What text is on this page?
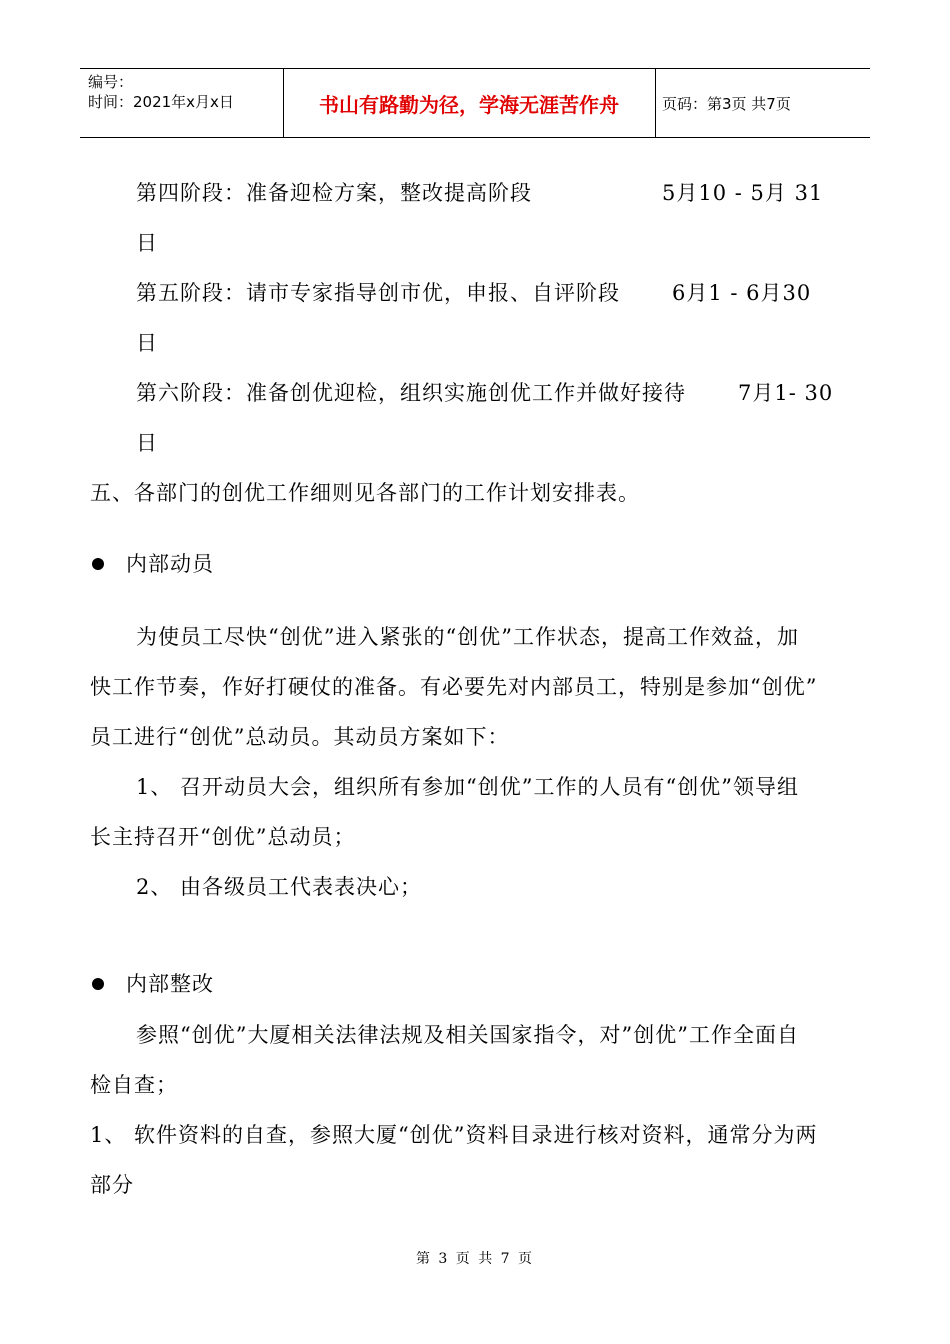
编号：
时间：2021年x月x日	书山有路勤为径，学海无涯苦作舟	页码：第3页 共7页
第四阶段：准备迎检方案，整改提高阶段	5月10 - 5月 31
日
第五阶段：请市专家指导创市优，申报、自评阶段 6月1 - 6月30
日
第六阶段：准备创优迎检，组织实施创优工作并做好接待 7月1- 30
日
五、各部门的创优工作细则见各部门的工作计划安排表。
内部动员
为使员工尽快“创优”进入紧张的“创优”工作状态，提高工作效益，加
快工作节奏，作好打硬仗的准备。有必要先对内部员工，特别是参加“创优”
员工进行“创优”总动员。其动员方案如下：
1、 召开动员大会，组织所有参加“创优”工作的人员有“创优”领导组
长主持召开“创优”总动员；
2、 由各级员工代表表决心；
内部整改
参照“创优”大厦相关法律法规及相关国家指令，对”创优”工作全面自
检自查；
1、 软件资料的自查，参照大厦“创优”资料目录进行核对资料，通常分为两
部分
第 3 页 共 7 页
